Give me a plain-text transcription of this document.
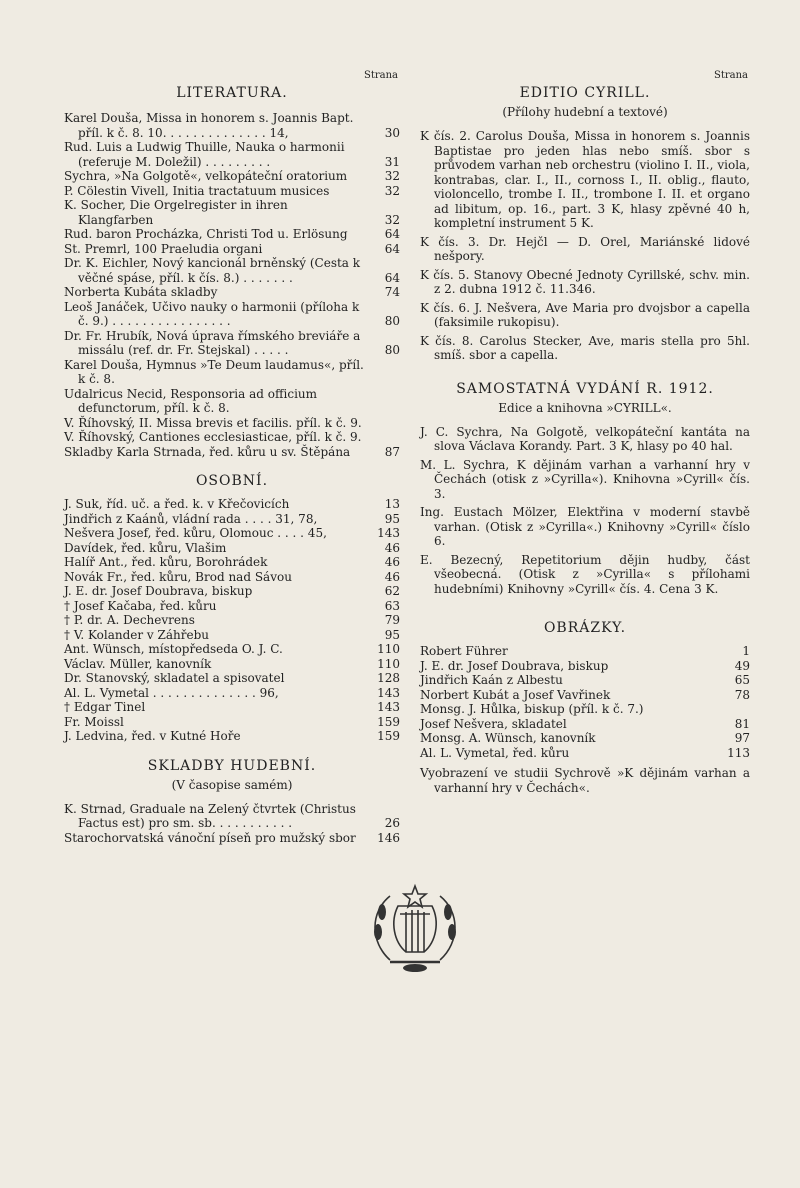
Strana
LITERATURA.
Karel Douša, Missa in honorem s. Joannis Bapt. příl. k č. 8. 10. . . . . . . . . . . . . . 14,	30
Rud. Luis a Ludwig Thuille, Nauka o harmonii (referuje M. Doležil) . . . . . . . . .	31
Sychra, »Na Golgotě«, velkopáteční oratorium	32
P. Cölestin Vivell, Initia tractatuum musices	32
K. Socher, Die Orgelregister in ihren Klangfarben	32
Rud. baron Procházka, Christi Tod u. Erlösung	64
St. Premrl, 100 Praeludia organi	64
Dr. K. Eichler, Nový kancionál brněnský (Cesta k věčné spáse, příl. k čís. 8.) . . . . . . .	64
Norberta Kubáta skladby	74
Leoš Janáček, Učivo nauky o harmonii (příloha k č. 9.) . . . . . . . . . . . . . . . .	80
Dr. Fr. Hrubík, Nová úprava římského breviáře a missálu (ref. dr. Fr. Stejskal) . . . . .	80
Karel Douša, Hymnus »Te Deum laudamus«, příl. k č. 8.
Udalricus Necid, Responsoria ad officium defunctorum, příl. k č. 8.
V. Říhovský, II. Missa brevis et facilis. příl. k č. 9.
V. Říhovský, Cantiones ecclesiasticae, příl. k č. 9.
Skladby Karla Strnada, řed. kůru u sv. Štěpána	87
OSOBNÍ.
J. Suk, říd. uč. a řed. k. v Křečovicích	13
Jindřich z Kaánů, vládní rada . . . . 31, 78,	95
Nešvera Josef, řed. kůru, Olomouc . . . . 45,	143
Davídek, řed. kůru, Vlašim	46
Halíř Ant., řed. kůru, Borohrádek	46
Novák Fr., řed. kůru, Brod nad Sávou	46
J. E. dr. Josef Doubrava, biskup	62
† Josef Kačaba, řed. kůru	63
† P. dr. A. Dechevrens	79
† V. Kolander v Záhřebu	95
Ant. Wünsch, místopředseda O. J. C.	110
Václav. Müller, kanovník	110
Dr. Stanovský, skladatel a spisovatel	128
Al. L. Vymetal . . . . . . . . . . . . . . 96,	143
† Edgar Tinel	143
Fr. Moissl	159
J. Ledvina, řed. v Kutné Hoře	159
SKLADBY HUDEBNÍ.
(V časopise samém)
K. Strnad, Graduale na Zelený čtvrtek (Christus Factus est) pro sm. sb. . . . . . . . . . .	26
Starochorvatská vánoční píseň pro mužský sbor	146
Strana
EDITIO CYRILL.
(Přílohy hudební a textové)
K čís. 2. Carolus Douša, Missa in honorem s. Joannis Baptistae pro jeden hlas nebo smíš. sbor s průvodem varhan neb orchestru (violino I. II., viola, kontrabas, clar. I., II., cornoss I., II. oblig., flauto, violoncello, trombe I. II., trombone I. II. et organo ad libitum, op. 16., part. 3 K, hlasy zpěvné 40 h, kompletní instrument 5 K.
K čís. 3. Dr. Hejčl — D. Orel, Mariánské lidové nešpory.
K čís. 5. Stanovy Obecné Jednoty Cyrillské, schv. min. z 2. dubna 1912 č. 11.346.
K čís. 6. J. Nešvera, Ave Maria pro dvojsbor a capella (faksimile rukopisu).
K čís. 8. Carolus Stecker, Ave, maris stella pro 5hl. smíš. sbor a capella.
SAMOSTATNÁ VYDÁNÍ R. 1912.
Edice a knihovna »CYRILL«.
J. C. Sychra, Na Golgotě, velkopáteční kantáta na slova Václava Korandy. Part. 3 K, hlasy po 40 hal.
M. L. Sychra, K dějinám varhan a varhanní hry v Čechách (otisk z »Cyrilla«). Knihovna »Cyrill« čís. 3.
Ing. Eustach Mölzer, Elektřina v moderní stavbě varhan. (Otisk z »Cyrilla«.) Knihovny »Cyrill« číslo 6.
E. Bezecný, Repetitorium dějin hudby, část všeobecná. (Otisk z »Cyrilla« s přílohami hudebními) Knihovny »Cyrill« čís. 4. Cena 3 K.
OBRÁZKY.
Robert Führer	1
J. E. dr. Josef Doubrava, biskup	49
Jindřich Kaán z Albestu	65
Norbert Kubát a Josef Vavřinek	78
Monsg. J. Hůlka, biskup (příl. k č. 7.)
Josef Nešvera, skladatel	81
Monsg. A. Wünsch, kanovník	97
Al. L. Vymetal, řed. kůru	113
Vyobrazení ve studii Sychrově »K dějinám varhan a varhanní hry v Čechách«.
